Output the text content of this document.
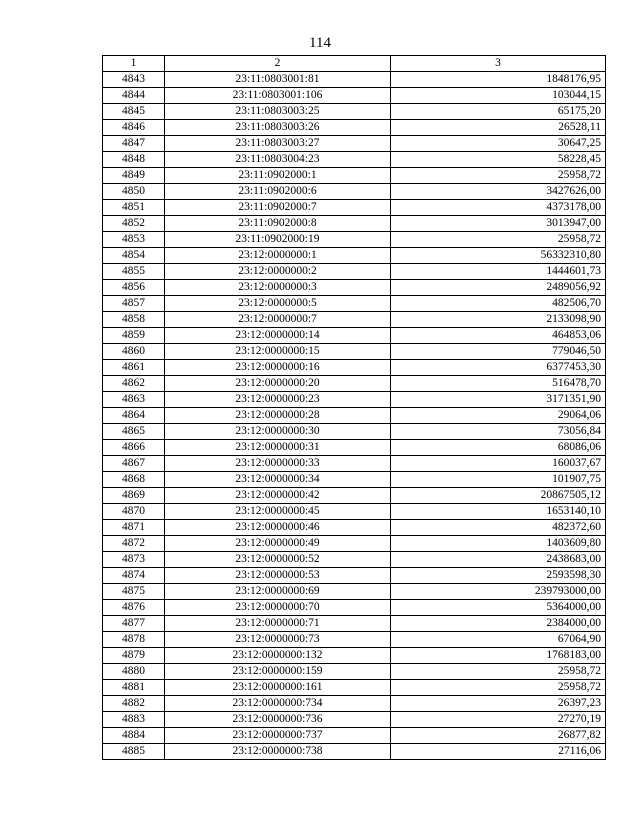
114
1	2	3
4843	23:11:0803001:81	1848176,95
4844	23:11:0803001:106	103044,15
4845	23:11:0803003:25	65175,20
4846	23:11:0803003:26	26528,11
4847	23:11:0803003:27	30647,25
4848	23:11:0803004:23	58228,45
4849	23:11:0902000:1	25958,72
4850	23:11:0902000:6	3427626,00
4851	23:11:0902000:7	4373178,00
4852	23:11:0902000:8	3013947,00
4853	23:11:0902000:19	25958,72
4854	23:12:0000000:1	56332310,80
4855	23:12:0000000:2	1444601,73
4856	23:12:0000000:3	2489056,92
4857	23:12:0000000:5	482506,70
4858	23:12:0000000:7	2133098,90
4859	23:12:0000000:14	464853,06
4860	23:12:0000000:15	779046,50
4861	23:12:0000000:16	6377453,30
4862	23:12:0000000:20	516478,70
4863	23:12:0000000:23	3171351,90
4864	23:12:0000000:28	29064,06
4865	23:12:0000000:30	73056,84
4866	23:12:0000000:31	68086,06
4867	23:12:0000000:33	160037,67
4868	23:12:0000000:34	101907,75
4869	23:12:0000000:42	20867505,12
4870	23:12:0000000:45	1653140,10
4871	23:12:0000000:46	482372,60
4872	23:12:0000000:49	1403609,80
4873	23:12:0000000:52	2438683,00
4874	23:12:0000000:53	2593598,30
4875	23:12:0000000:69	239793000,00
4876	23:12:0000000:70	5364000,00
4877	23:12:0000000:71	2384000,00
4878	23:12:0000000:73	67064,90
4879	23:12:0000000:132	1768183,00
4880	23:12:0000000:159	25958,72
4881	23:12:0000000:161	25958,72
4882	23:12:0000000:734	26397,23
4883	23:12:0000000:736	27270,19
4884	23:12:0000000:737	26877,82
4885	23:12:0000000:738	27116,06
